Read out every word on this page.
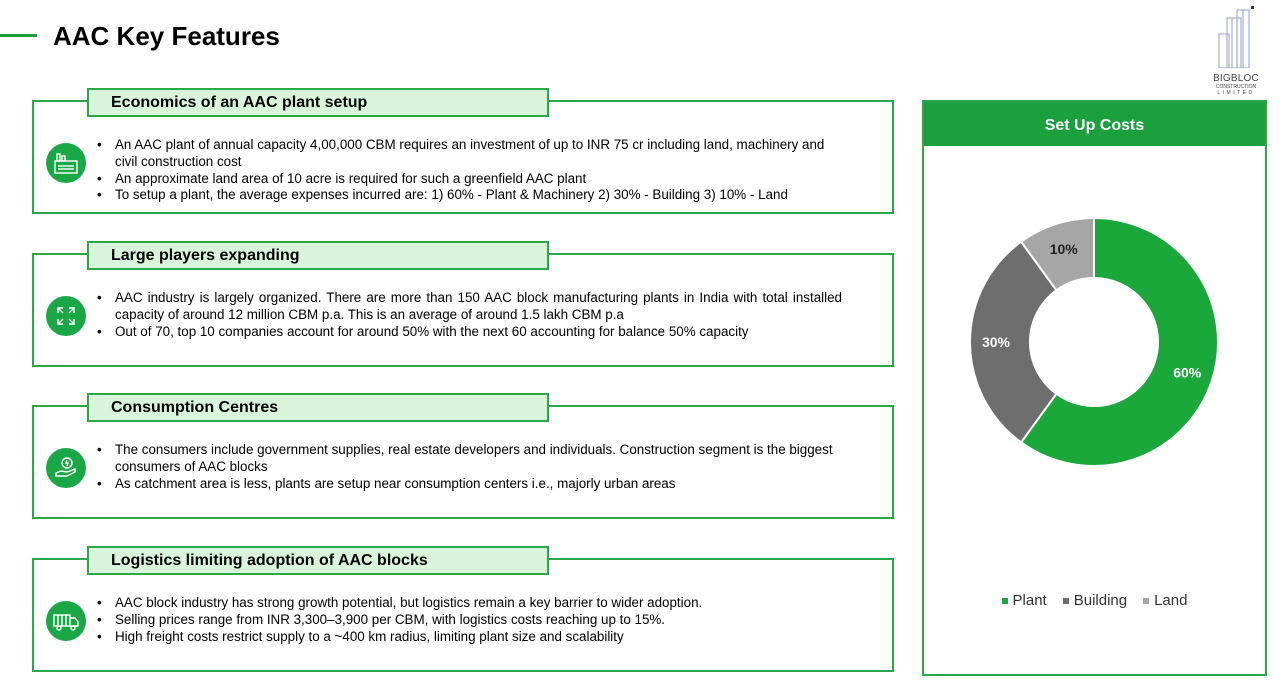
AAC Key Features
BIGBLOC
CONSTRUCTION
LIMITED
Economics of an AAC plant setup
• An AAC plant of annual capacity 4,00,000 CBM requires an investment of up to INR 75 cr including land, machinery and civil construction cost
• An approximate land area of 10 acre is required for such a greenfield AAC plant
• To setup a plant, the average expenses incurred are: 1) 60% - Plant & Machinery 2) 30% - Building 3) 10% - Land
Large players expanding
• AAC industry is largely organized. There are more than 150 AAC block manufacturing plants in India with total installed capacity of around 12 million CBM p.a. This is an average of around 1.5 lakh CBM p.a
• Out of 70, top 10 companies account for around 50% with the next 60 accounting for balance 50% capacity
Consumption Centres
• The consumers include government supplies, real estate developers and individuals. Construction segment is the biggest consumers of AAC blocks
• As catchment area is less, plants are setup near consumption centers i.e., majorly urban areas
Logistics limiting adoption of AAC blocks
• AAC block industry has strong growth potential, but logistics remain a key barrier to wider adoption.
• Selling prices range from INR 3,300–3,900 per CBM, with logistics costs reaching up to 15%.
• High freight costs restrict supply to a ~400 km radius, limiting plant size and scalability
Set Up Costs
60%
30%
10%
Plant Building Land
